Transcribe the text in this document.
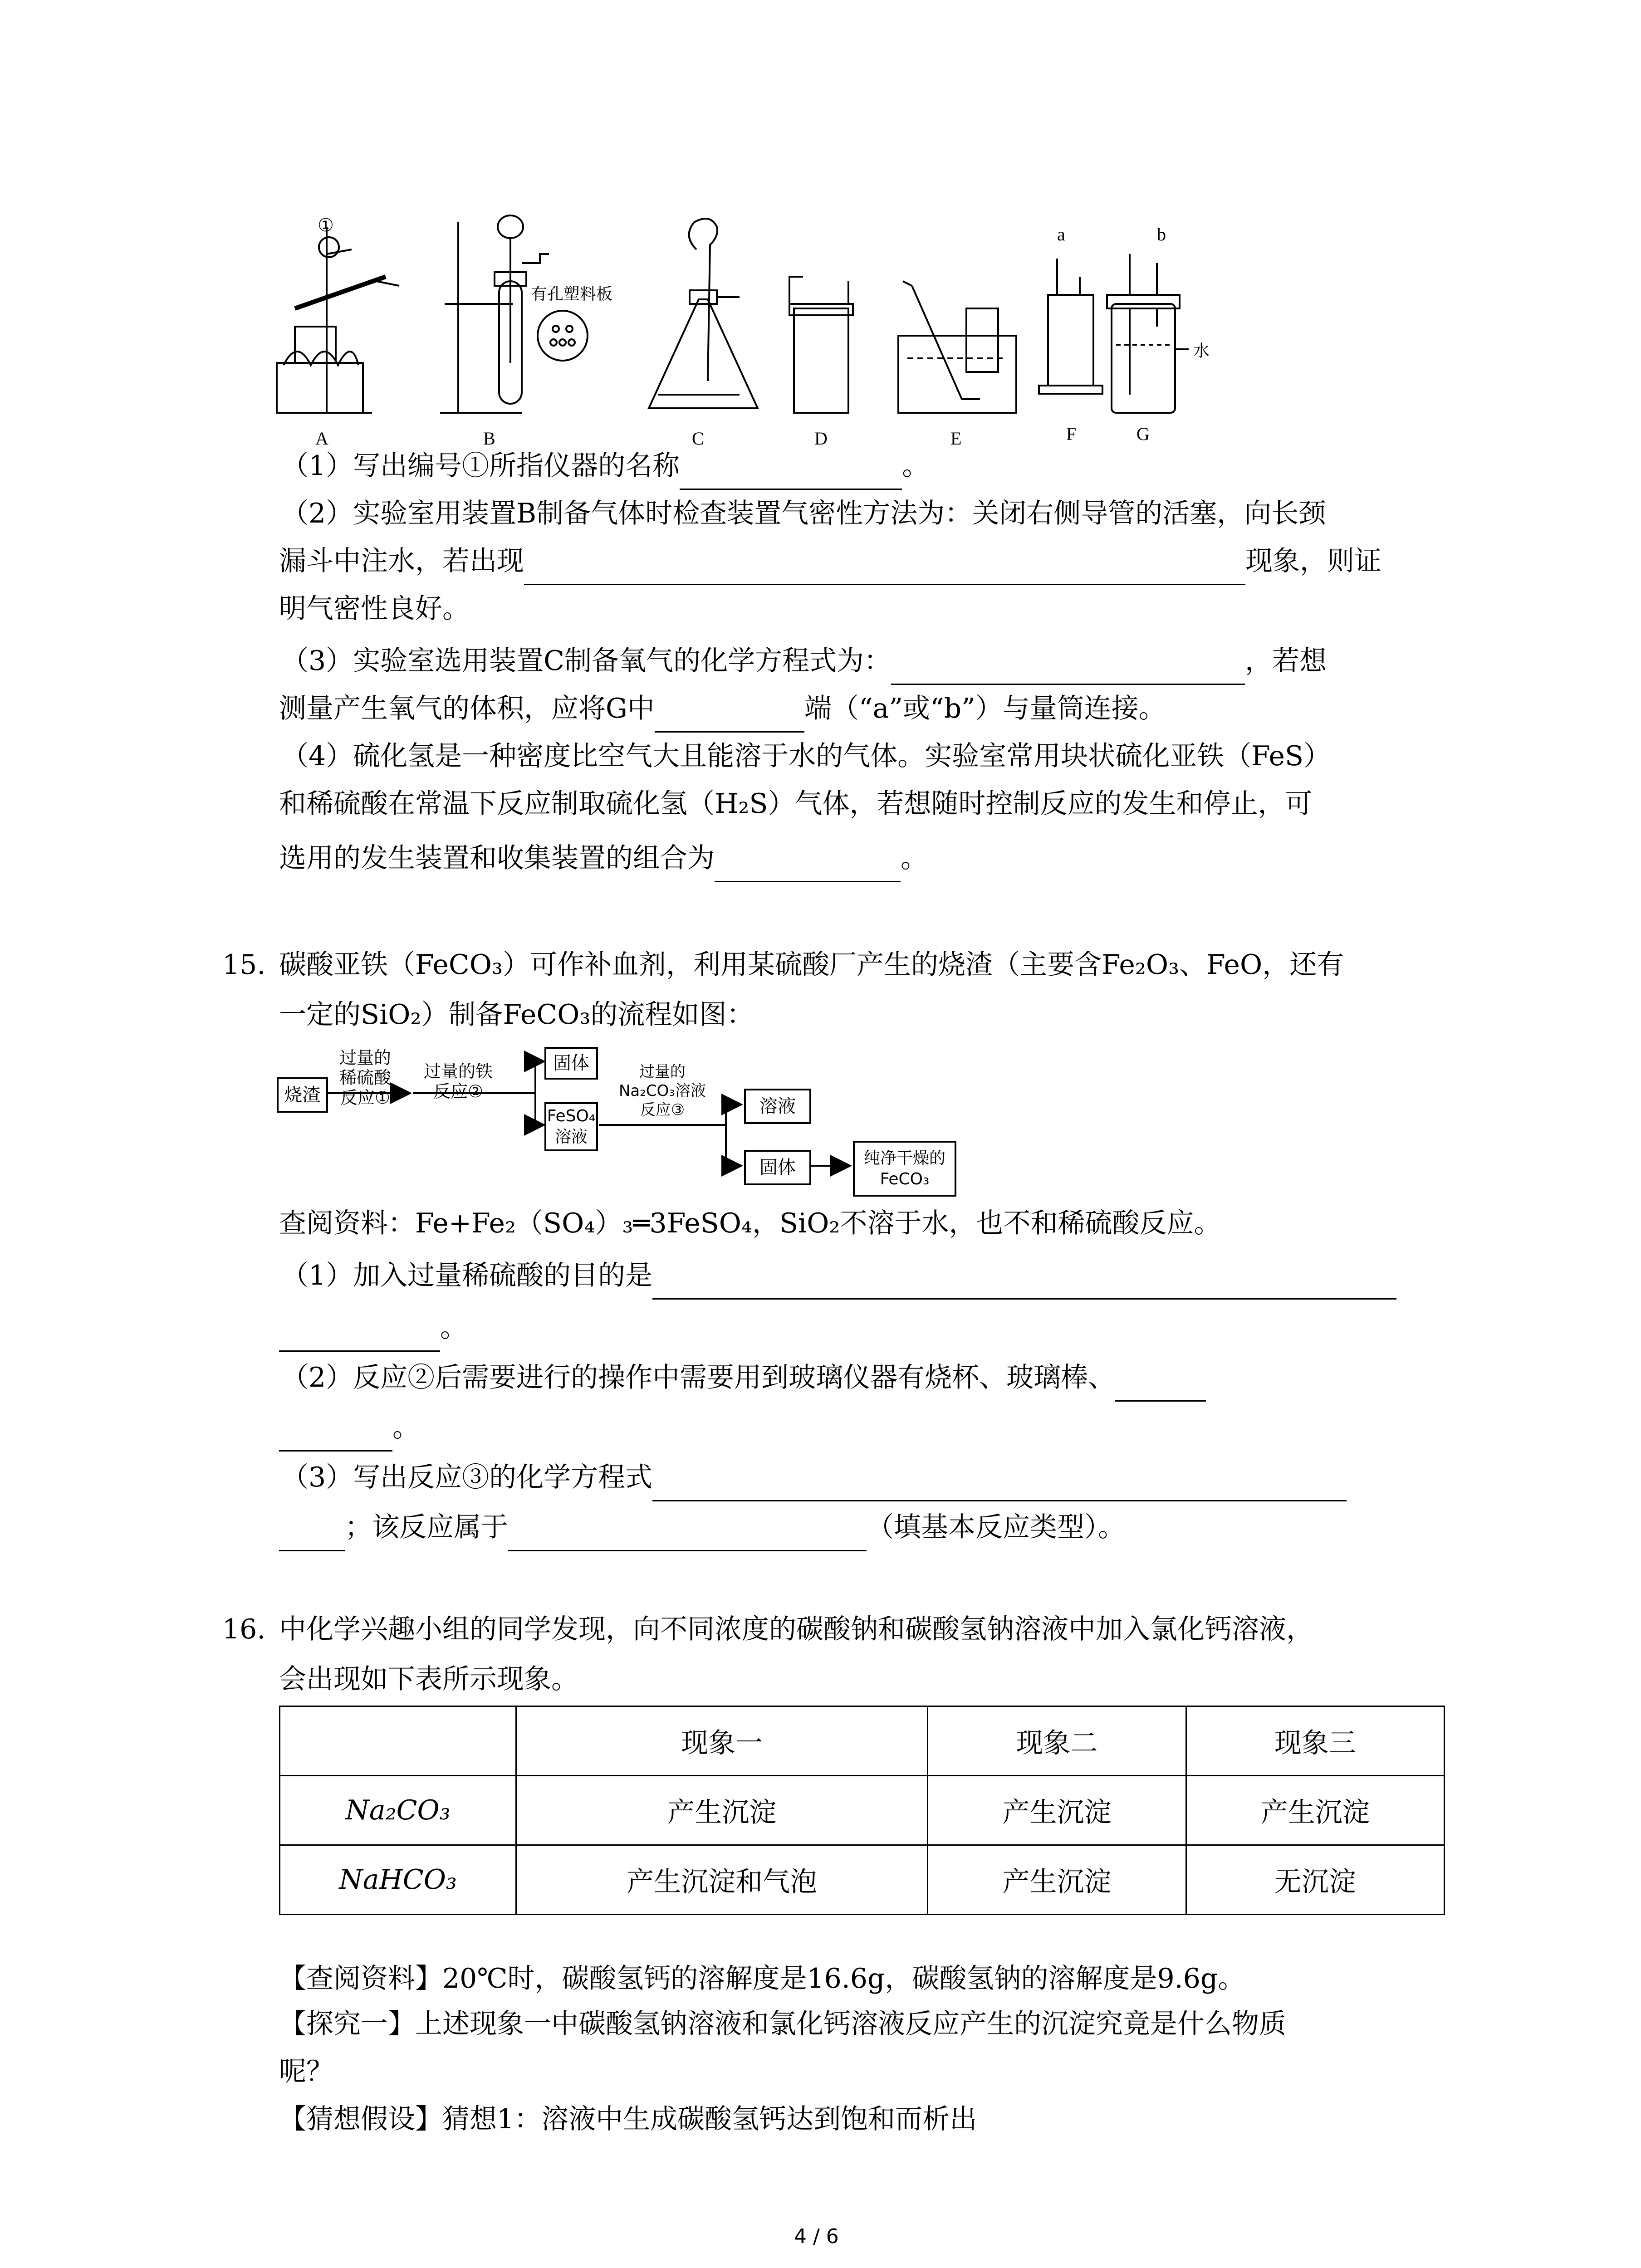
A	B	C	D	E	F	G
①
有孔塑料板
a	b
水
（1）写出编号①所指仪器的名称	。
（2）实验室用装置B制备气体时检查装置气密性方法为：关闭右侧导管的活塞，向长颈
漏斗中注水，若出现	现象，则证
明气密性良好。
（3）实验室选用装置C制备氧气的化学方程式为：	，若想
测量产生氧气的体积，应将G中	端（“a”或“b”）与量筒连接。
（4）硫化氢是一种密度比空气大且能溶于水的气体。实验室常用块状硫化亚铁（FeS）
和稀硫酸在常温下反应制取硫化氢（H₂S）气体，若想随时控制反应的发生和停止，可
选用的发生装置和收集装置的组合为	。
15. 碳酸亚铁（FeCO₃）可作补血剂，利用某硫酸厂产生的烧渣（主要含Fe₂O₃、FeO，还有
一定的SiO₂）制备FeCO₃的流程如图：
烧渣
过量的
稀硫酸
反应①
过量的铁
反应②
固体
FeSO₄
溶液
过量的
Na₂CO₃溶液
反应③	溶液
固体	纯净干燥的
FeCO₃
查阅资料：Fe+Fe₂（SO₄）₃═3FeSO₄，SiO₂不溶于水，也不和稀硫酸反应。
（1）加入过量稀硫酸的目的是
。
（2）反应②后需要进行的操作中需要用到玻璃仪器有烧杯、玻璃棒、
。
（3）写出反应③的化学方程式
；该反应属于	（填基本反应类型）。
16. 中化学兴趣小组的同学发现，向不同浓度的碳酸钠和碳酸氢钠溶液中加入氯化钙溶液，
会出现如下表所示现象。
	现象一	现象二	现象三
Na₂CO₃	产生沉淀	产生沉淀	产生沉淀
NaHCO₃	产生沉淀和气泡	产生沉淀	无沉淀
【查阅资料】20℃时，碳酸氢钙的溶解度是16.6g，碳酸氢钠的溶解度是9.6g。
【探究一】上述现象一中碳酸氢钠溶液和氯化钙溶液反应产生的沉淀究竟是什么物质
呢？
【猜想假设】猜想1：溶液中生成碳酸氢钙达到饱和而析出
4 / 6
